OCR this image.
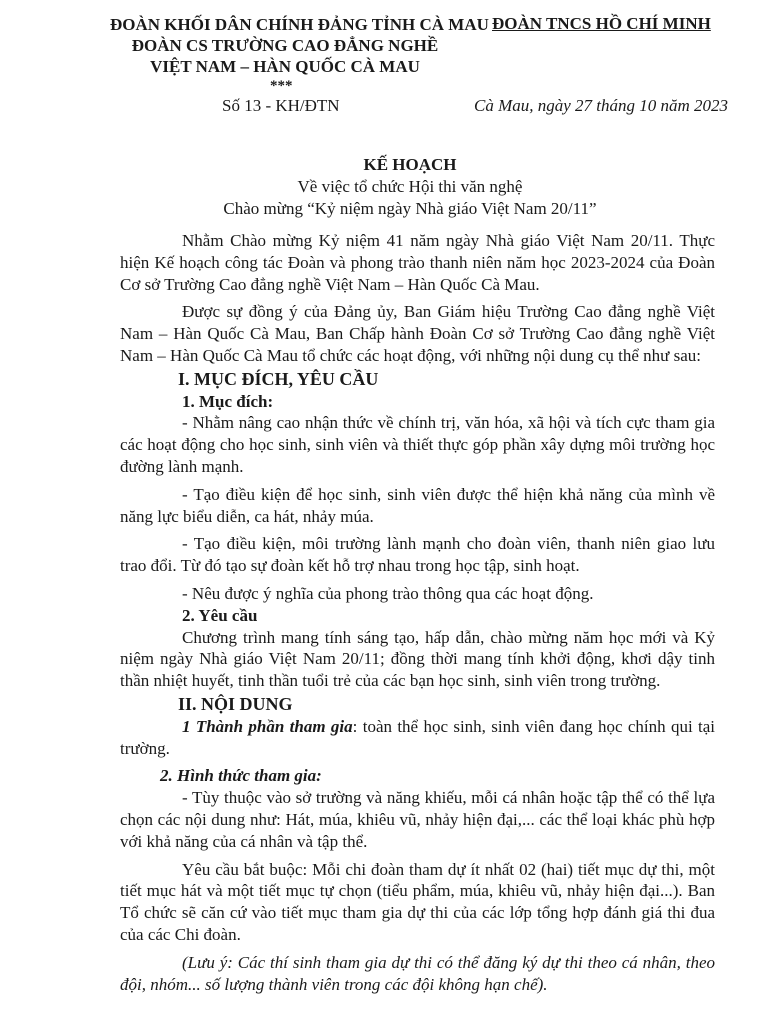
ĐOÀN KHỐI DÂN CHÍNH ĐẢNG TỈNH CÀ MAU
ĐOÀN CS TRƯỜNG CAO ĐẲNG NGHỀ
VIỆT NAM – HÀN QUỐC CÀ MAU
ĐOÀN TNCS HỒ CHÍ MINH
***
Số 13 - KH/ĐTN	Cà Mau, ngày 27 tháng 10 năm 2023
KẾ HOẠCH
Về việc tổ chức Hội thi văn nghệ
Chào mừng “Kỷ niệm ngày Nhà giáo Việt Nam 20/11”

Nhằm Chào mừng Kỷ niệm 41 năm ngày Nhà giáo Việt Nam 20/11. Thực hiện Kế hoạch công tác Đoàn và phong trào thanh niên năm học 2023-2024 của Đoàn Cơ sở Trường Cao đẳng nghề Việt Nam – Hàn Quốc Cà Mau.

Được sự đồng ý của Đảng ủy, Ban Giám hiệu Trường Cao đẳng nghề Việt Nam – Hàn Quốc Cà Mau, Ban Chấp hành Đoàn Cơ sở Trường Cao đẳng nghề Việt Nam – Hàn Quốc Cà Mau tổ chức các hoạt động, với những nội dung cụ thể như sau:

I. MỤC ĐÍCH, YÊU CẦU

1. Mục đích:

- Nhằm nâng cao nhận thức về chính trị, văn hóa, xã hội và tích cực tham gia các hoạt động cho học sinh, sinh viên và thiết thực góp phần xây dựng môi trường học đường lành mạnh.

- Tạo điều kiện để học sinh, sinh viên được thể hiện khả năng của mình về năng lực biểu diễn, ca hát, nhảy múa.

- Tạo điều kiện, môi trường lành mạnh cho đoàn viên, thanh niên giao lưu trao đổi. Từ đó tạo sự đoàn kết hỗ trợ nhau trong học tập, sinh hoạt.

- Nêu được ý nghĩa của phong trào thông qua các hoạt động.

2. Yêu cầu

Chương trình mang tính sáng tạo, hấp dẫn, chào mừng năm học mới và Kỷ niệm ngày Nhà giáo Việt Nam 20/11; đồng thời mang tính khởi động, khơi dậy tinh thần nhiệt huyết, tinh thần tuổi trẻ của các bạn học sinh, sinh viên trong trường.

II. NỘI DUNG

1 Thành phần tham gia: toàn thể học sinh, sinh viên đang học chính qui tại trường.

2. Hình thức tham gia:

- Tùy thuộc vào sở trường và năng khiếu, mỗi cá nhân hoặc tập thể có thể lựa chọn các nội dung như: Hát, múa, khiêu vũ, nhảy hiện đại,... các thể loại khác phù hợp với khả năng của cá nhân và tập thể.

Yêu cầu bắt buộc: Mỗi chi đoàn tham dự ít nhất 02 (hai) tiết mục dự thi, một tiết mục hát và một tiết mục tự chọn (tiểu phẩm, múa, khiêu vũ, nhảy hiện đại...). Ban Tổ chức sẽ căn cứ vào tiết mục tham gia dự thi của các lớp tổng hợp đánh giá thi đua của các Chi đoàn.

(Lưu ý: Các thí sinh tham gia dự thi có thể đăng ký dự thi theo cá nhân, theo đội, nhóm... số lượng thành viên trong các đội không hạn chế).
